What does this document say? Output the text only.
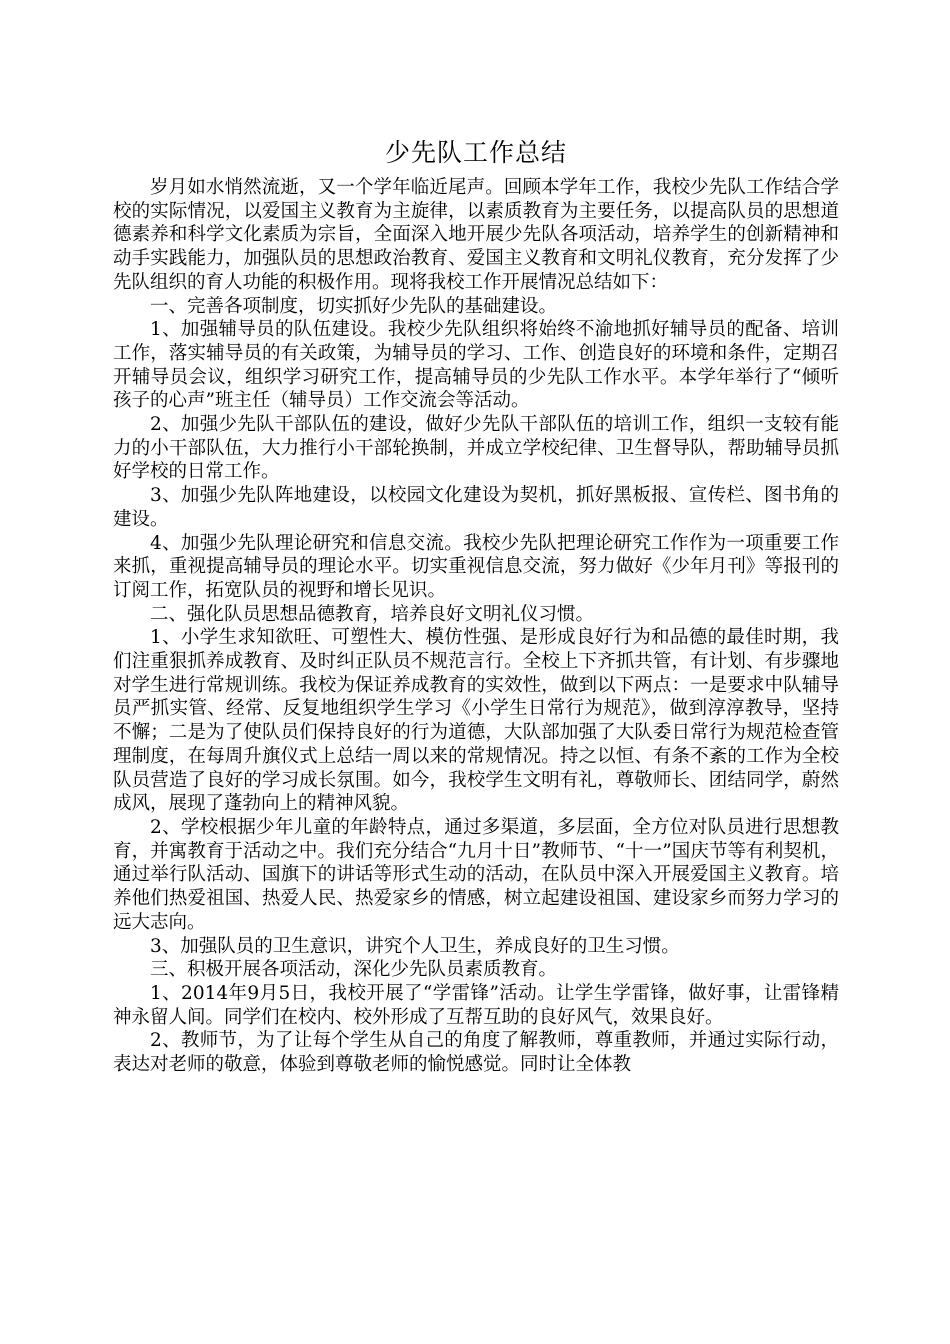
少先队工作总结

岁月如水悄然流逝，又一个学年临近尾声。回顾本学年工作，我校少先队工作结合学校的实际情况，以爱国主义教育为主旋律，以素质教育为主要任务，以提高队员的思想道德素养和科学文化素质为宗旨，全面深入地开展少先队各项活动，培养学生的创新精神和动手实践能力，加强队员的思想政治教育、爱国主义教育和文明礼仪教育，充分发挥了少先队组织的育人功能的积极作用。现将我校工作开展情况总结如下：

一、完善各项制度，切实抓好少先队的基础建设。

1、加强辅导员的队伍建设。我校少先队组织将始终不渝地抓好辅导员的配备、培训工作，落实辅导员的有关政策，为辅导员的学习、工作、创造良好的环境和条件，定期召开辅导员会议，组织学习研究工作，提高辅导员的少先队工作水平。本学年举行了“倾听孩子的心声”班主任（辅导员）工作交流会等活动。

2、加强少先队干部队伍的建设，做好少先队干部队伍的培训工作，组织一支较有能力的小干部队伍，大力推行小干部轮换制，并成立学校纪律、卫生督导队，帮助辅导员抓好学校的日常工作。

3、加强少先队阵地建设，以校园文化建设为契机，抓好黑板报、宣传栏、图书角的建设。

4、加强少先队理论研究和信息交流。我校少先队把理论研究工作作为一项重要工作来抓，重视提高辅导员的理论水平。切实重视信息交流，努力做好《少年月刊》等报刊的订阅工作，拓宽队员的视野和增长见识。

二、强化队员思想品德教育，培养良好文明礼仪习惯。

1、小学生求知欲旺、可塑性大、模仿性强、是形成良好行为和品德的最佳时期，我们注重狠抓养成教育、及时纠正队员不规范言行。全校上下齐抓共管，有计划、有步骤地对学生进行常规训练。我校为保证养成教育的实效性，做到以下两点：一是要求中队辅导员严抓实管、经常、反复地组织学生学习《小学生日常行为规范》，做到淳淳教导，坚持不懈；二是为了使队员们保持良好的行为道德，大队部加强了大队委日常行为规范检查管理制度，在每周升旗仪式上总结一周以来的常规情况。持之以恒、有条不紊的工作为全校队员营造了良好的学习成长氛围。如今，我校学生文明有礼，尊敬师长、团结同学，蔚然成风，展现了蓬勃向上的精神风貌。

2、学校根据少年儿童的年龄特点，通过多渠道，多层面，全方位对队员进行思想教育，并寓教育于活动之中。我们充分结合“九月十日”教师节、“十一”国庆节等有利契机，通过举行队活动、国旗下的讲话等形式生动的活动，在队员中深入开展爱国主义教育。培养他们热爱祖国、热爱人民、热爱家乡的情感，树立起建设祖国、建设家乡而努力学习的远大志向。

3、加强队员的卫生意识，讲究个人卫生，养成良好的卫生习惯。

三、积极开展各项活动，深化少先队员素质教育。

1、2014年9月5日，我校开展了“学雷锋”活动。让学生学雷锋，做好事，让雷锋精神永留人间。同学们在校内、校外形成了互帮互助的良好风气，效果良好。

2、教师节，为了让每个学生从自己的角度了解教师，尊重教师，并通过实际行动，表达对老师的敬意，体验到尊敬老师的愉悦感觉。同时让全体教
